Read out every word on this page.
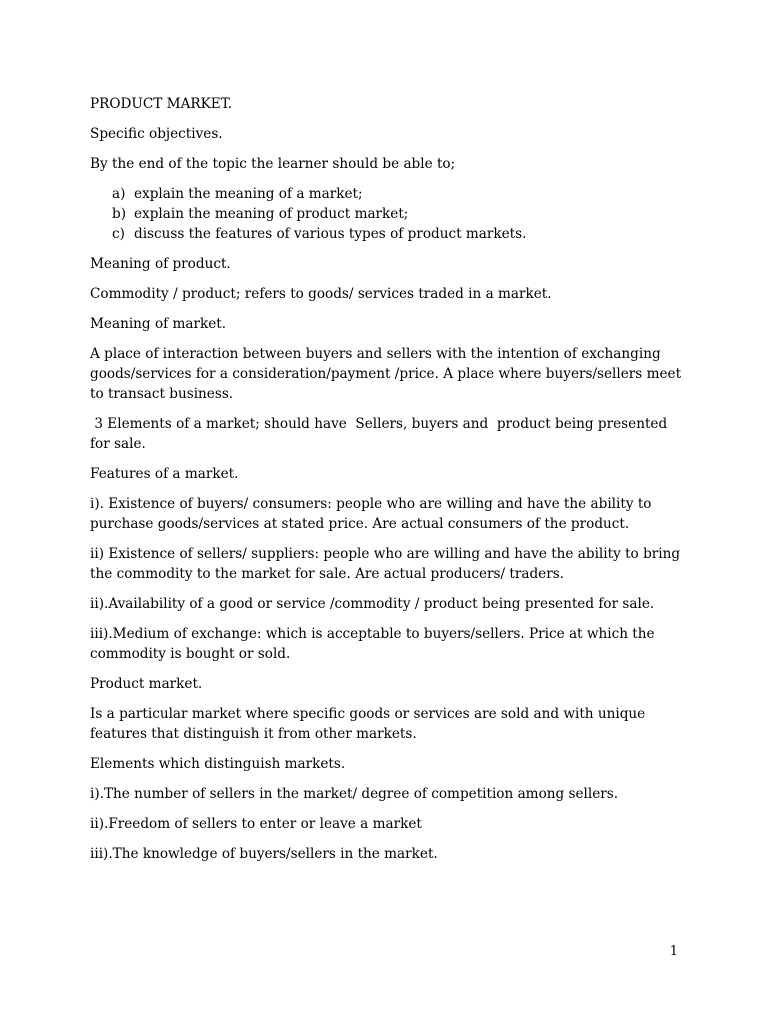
PRODUCT MARKET.

Specific objectives.

By the end of the topic the learner should be able to;

a) explain the meaning of a market;
b) explain the meaning of product market;
c) discuss the features of various types of product markets.

Meaning of product.

Commodity / product; refers to goods/ services traded in a market.

Meaning of market.

A place of interaction between buyers and sellers with the intention of exchanging goods/services for a consideration/payment /price. A place where buyers/sellers meet to transact business.

3 Elements of a market; should have  Sellers, buyers and  product being presented for sale.

Features of a market.

i). Existence of buyers/ consumers: people who are willing and have the ability to purchase goods/services at stated price. Are actual consumers of the product.

ii) Existence of sellers/ suppliers: people who are willing and have the ability to bring the commodity to the market for sale. Are actual producers/ traders.

ii).Availability of a good or service /commodity / product being presented for sale.

iii).Medium of exchange: which is acceptable to buyers/sellers. Price at which the commodity is bought or sold.

Product market.

Is a particular market where specific goods or services are sold and with unique features that distinguish it from other markets.

Elements which distinguish markets.

i).The number of sellers in the market/ degree of competition among sellers.

ii).Freedom of sellers to enter or leave a market

iii).The knowledge of buyers/sellers in the market.

1
